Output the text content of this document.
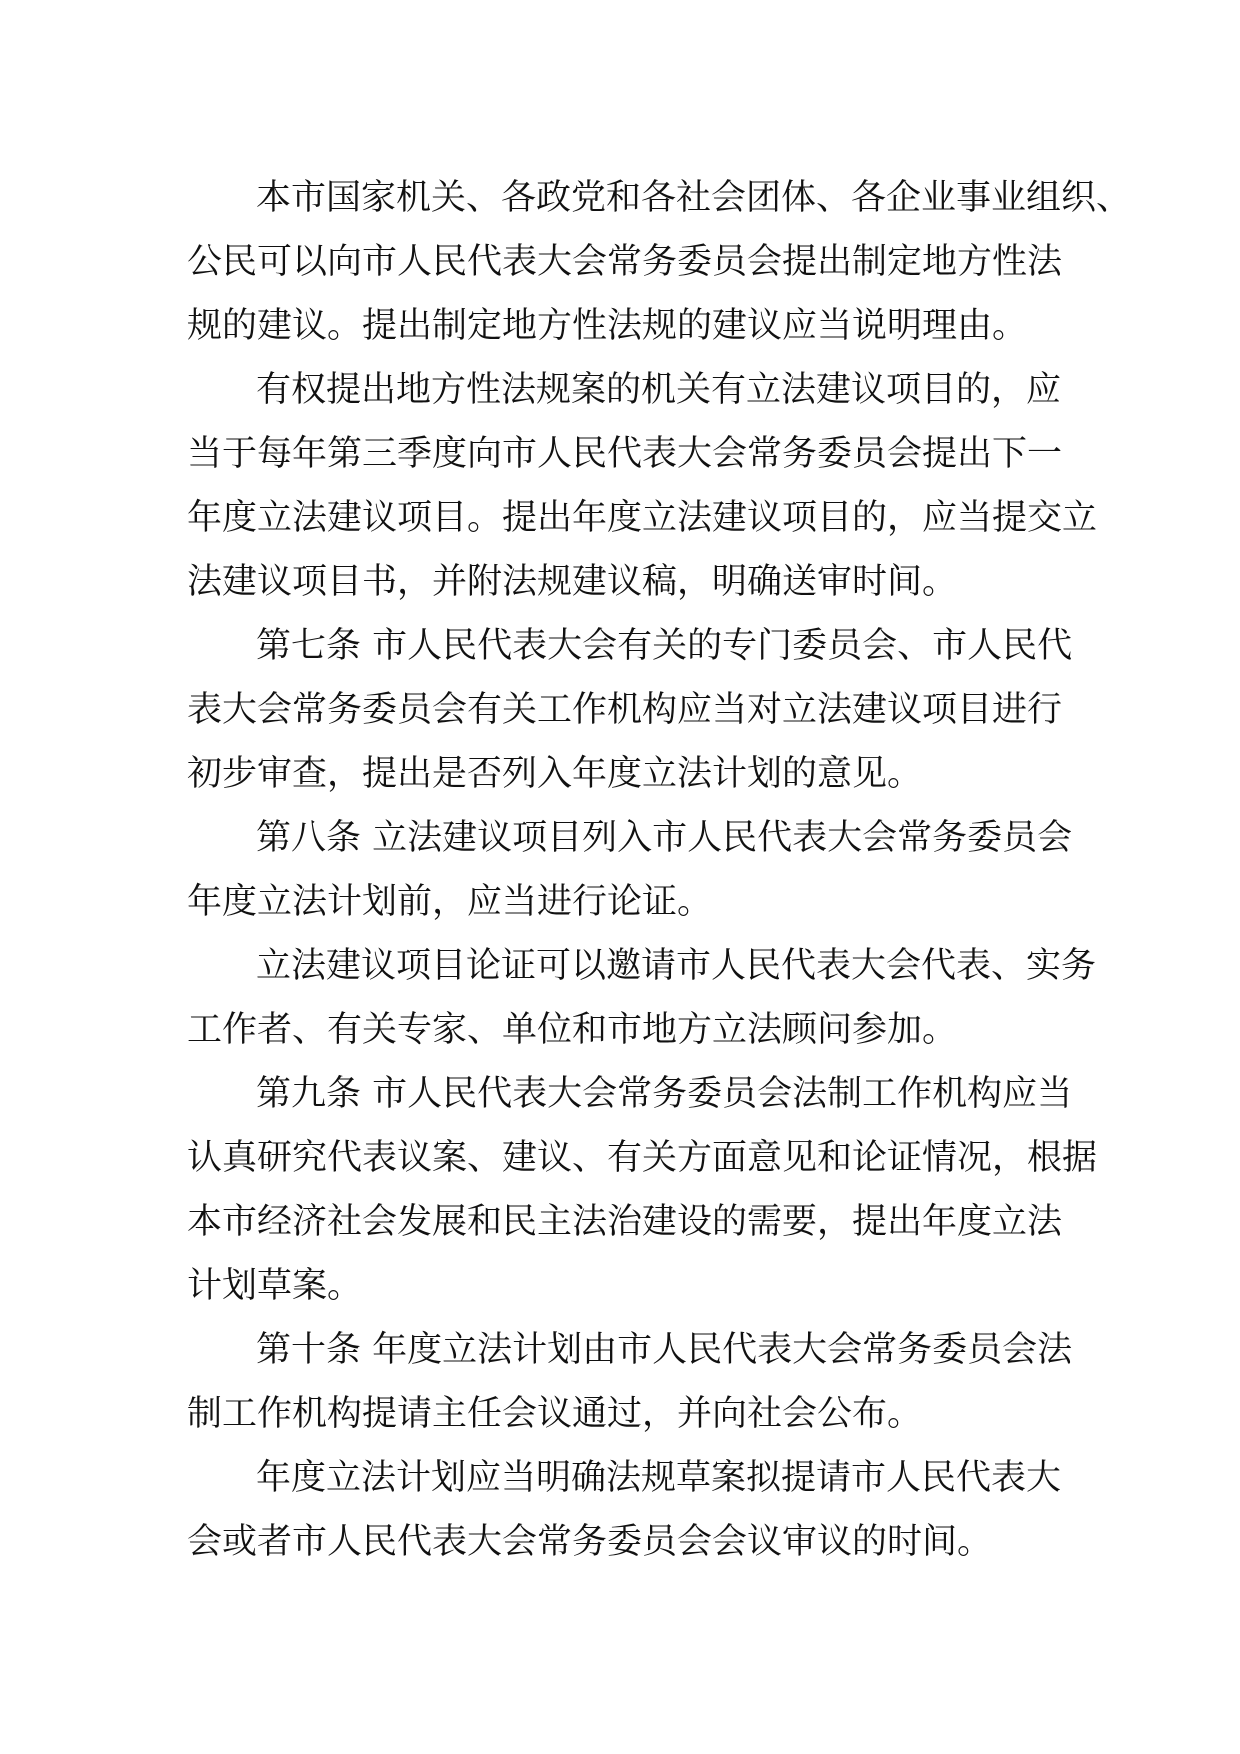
本市国家机关、各政党和各社会团体、各企业事业组织、
公民可以向市人民代表大会常务委员会提出制定地方性法
规的建议。提出制定地方性法规的建议应当说明理由。

有权提出地方性法规案的机关有立法建议项目的，应
当于每年第三季度向市人民代表大会常务委员会提出下一
年度立法建议项目。提出年度立法建议项目的，应当提交立
法建议项目书，并附法规建议稿，明确送审时间。

第七条 市人民代表大会有关的专门委员会、市人民代
表大会常务委员会有关工作机构应当对立法建议项目进行
初步审查，提出是否列入年度立法计划的意见。

第八条 立法建议项目列入市人民代表大会常务委员会
年度立法计划前，应当进行论证。

立法建议项目论证可以邀请市人民代表大会代表、实务
工作者、有关专家、单位和市地方立法顾问参加。

第九条 市人民代表大会常务委员会法制工作机构应当
认真研究代表议案、建议、有关方面意见和论证情况，根据
本市经济社会发展和民主法治建设的需要，提出年度立法
计划草案。

第十条 年度立法计划由市人民代表大会常务委员会法
制工作机构提请主任会议通过，并向社会公布。

年度立法计划应当明确法规草案拟提请市人民代表大
会或者市人民代表大会常务委员会会议审议的时间。
